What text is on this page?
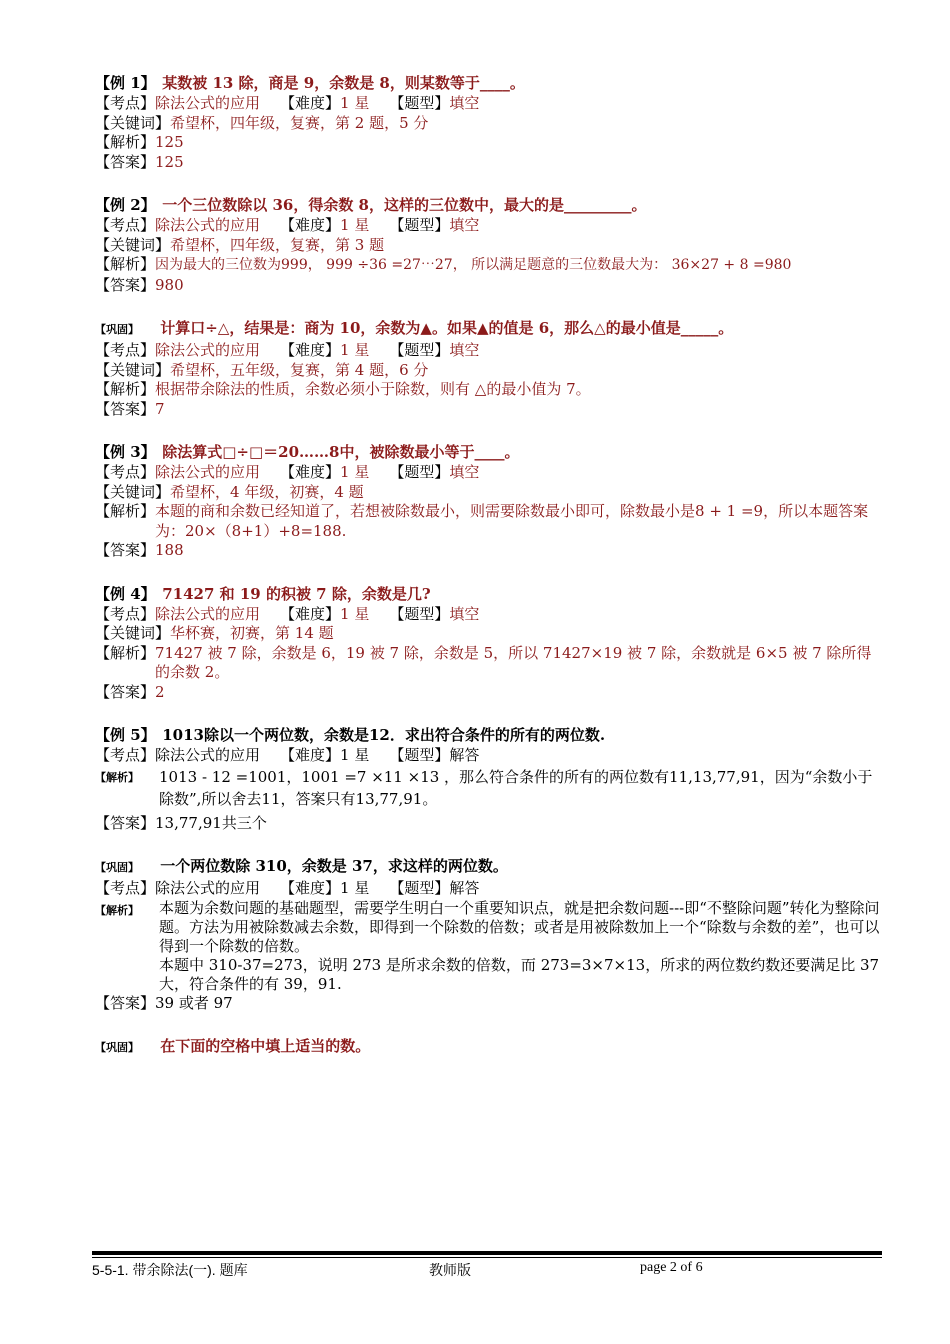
【例 1】 某数被 13 除，商是 9，余数是 8，则某数等于____。
【考点】除法公式的应用 【难度】1 星 【题型】填空
【关键词】希望杯，四年级，复赛，第 2 题，5 分
【解析】125
【答案】125
【例 2】 一个三位数除以 36，得余数 8，这样的三位数中，最大的是_________。
【考点】除法公式的应用 【难度】1 星 【题型】填空
【关键词】希望杯，四年级，复赛，第 3 题
【解析】因为最大的三位数为999， 999 ÷36 =27⋯27， 所以满足题意的三位数最大为： 36×27 + 8 =980
【答案】980
【巩固】 计算口÷△，结果是：商为 10，余数为▲。如果▲的值是 6，那么△的最小值是_____。
【考点】除法公式的应用 【难度】1 星 【题型】填空
【关键词】希望杯，五年级，复赛，第 4 题，6 分
【解析】根据带余除法的性质，余数必须小于除数，则有 △的最小值为 7。
【答案】7
【例 3】 除法算式□÷□＝20……8中，被除数最小等于____。
【考点】除法公式的应用 【难度】1 星 【题型】填空
【关键词】希望杯，4 年级，初赛，4 题
【解析】 本题的商和余数已经知道了，若想被除数最小，则需要除数最小即可，除数最小是8 + 1 =9，所以本题答案为：20×（8+1）+8=188.
【答案】188
【例 4】 71427 和 19 的积被 7 除，余数是几?
【考点】除法公式的应用 【难度】1 星 【题型】填空
【关键词】华杯赛，初赛，第 14 题
【解析】 71427 被 7 除，余数是 6，19 被 7 除，余数是 5，所以 71427×19 被 7 除，余数就是 6×5 被 7 除所得的余数 2。
【答案】2
【例 5】 1013除以一个两位数，余数是12．求出符合条件的所有的两位数.
【考点】除法公式的应用 【难度】1 星 【题型】解答
【解析】	1013 - 12 =1001，1001 =7 ×11 ×13 ，那么符合条件的所有的两位数有11,13,77,91，因为“余数小于除数”,所以舍去11，答案只有13,77,91。
【答案】13,77,91共三个
【巩固】 一个两位数除 310，余数是 37，求这样的两位数。
【考点】除法公式的应用 【难度】1 星 【题型】解答
【解析】	本题为余数问题的基础题型，需要学生明白一个重要知识点，就是把余数问题---即“不整除问题”转化为整除问题。方法为用被除数减去余数，即得到一个除数的倍数；或者是用被除数加上一个“除数与余数的差”，也可以得到一个除数的倍数。
本题中 310-37=273，说明 273 是所求余数的倍数，而 273=3×7×13，所求的两位数约数还要满足比 37 大，符合条件的有 39，91.
【答案】39 或者 97
【巩固】 在下面的空格中填上适当的数。
5-5-1. 带余除法(一). 题库	教师版	page 2 of 6
